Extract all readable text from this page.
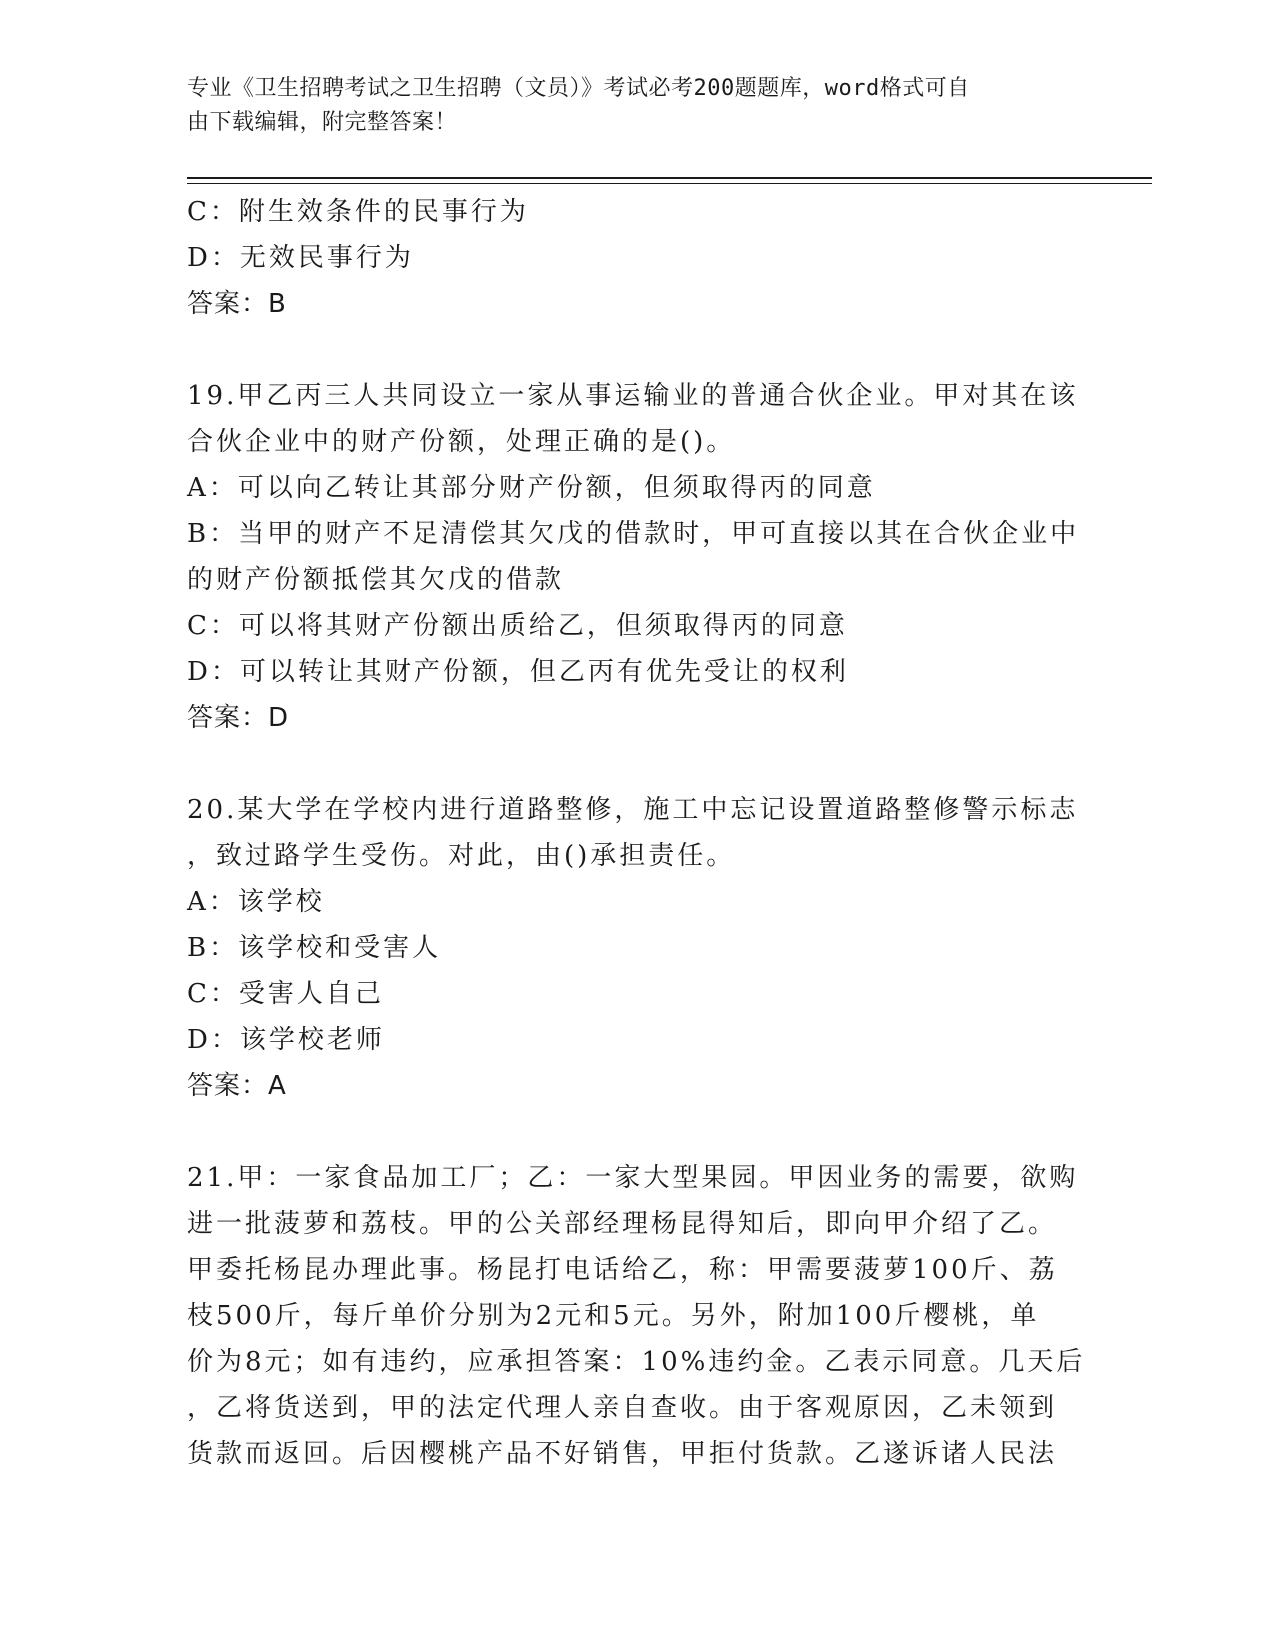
专业《卫生招聘考试之卫生招聘（文员）》考试必考200题题库，word格式可自
由下载编辑，附完整答案！
C：附生效条件的民事行为
D：无效民事行为
答案：B
19.甲乙丙三人共同设立一家从事运输业的普通合伙企业。甲对其在该
合伙企业中的财产份额，处理正确的是()。
A：可以向乙转让其部分财产份额，但须取得丙的同意
B：当甲的财产不足清偿其欠戊的借款时，甲可直接以其在合伙企业中
的财产份额抵偿其欠戊的借款
C：可以将其财产份额出质给乙，但须取得丙的同意
D：可以转让其财产份额，但乙丙有优先受让的权利
答案：D
20.某大学在学校内进行道路整修，施工中忘记设置道路整修警示标志
，致过路学生受伤。对此，由()承担责任。
A：该学校
B：该学校和受害人
C：受害人自己
D：该学校老师
答案：A
21.甲：一家食品加工厂；乙：一家大型果园。甲因业务的需要，欲购
进一批菠萝和荔枝。甲的公关部经理杨昆得知后，即向甲介绍了乙。
甲委托杨昆办理此事。杨昆打电话给乙，称：甲需要菠萝100斤、荔
枝500斤，每斤单价分别为2元和5元。另外，附加100斤樱桃，单
价为8元；如有违约，应承担答案：10%违约金。乙表示同意。几天后
，乙将货送到，甲的法定代理人亲自查收。由于客观原因，乙未领到
货款而返回。后因樱桃产品不好销售，甲拒付货款。乙遂诉诸人民法
